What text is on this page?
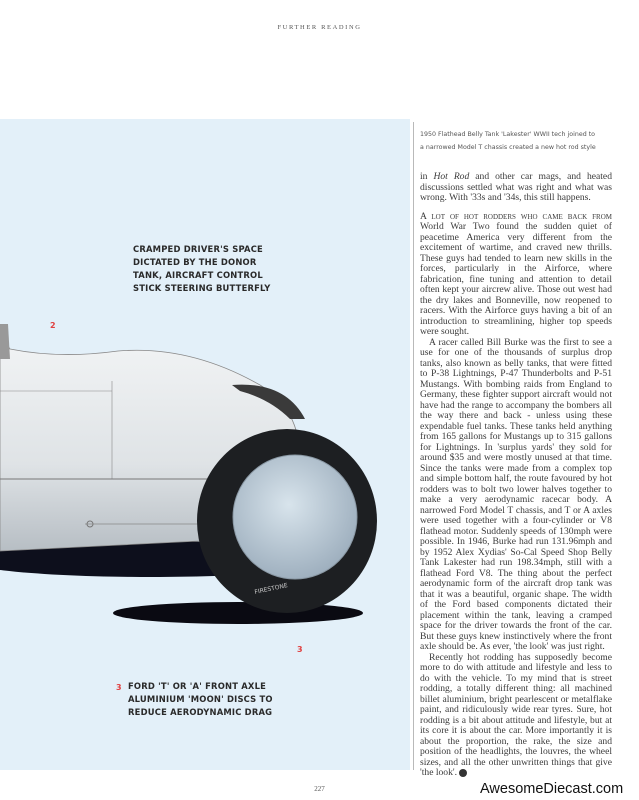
FURTHER READING
FIRESTONE
CRAMPED DRIVER'S SPACE
DICTATED BY THE DONOR
TANK, AIRCRAFT CONTROL
STICK STEERING BUTTERFLY
2
3
3 FORD 'T' OR 'A' FRONT AXLE
ALUMINIUM 'MOON' DISCS TO
REDUCE AERODYNAMIC DRAG
1950 Flathead Belly Tank 'Lakester' WWII tech joined to
a narrowed Model T chassis created a new hot rod style

in Hot Rod and other car mags, and heated discussions settled what was right and what was wrong. With '33s and '34s, this still happens.

A lot of hot rodders who came back from World War Two found the sudden quiet of peacetime America very different from the excitement of wartime, and craved new thrills. These guys had tended to learn new skills in the forces, particularly in the Airforce, where fabrication, fine tuning and attention to detail often kept your aircrew alive. Those out west had the dry lakes and Bonneville, now reopened to racers. With the Airforce guys having a bit of an introduction to streamlining, higher top speeds were sought.

A racer called Bill Burke was the first to see a use for one of the thousands of surplus drop tanks, also known as belly tanks, that were fitted to P-38 Lightnings, P-47 Thunderbolts and P-51 Mustangs. With bombing raids from England to Germany, these fighter support aircraft would not have had the range to accompany the bombers all the way there and back - unless using these expendable fuel tanks. These tanks held anything from 165 gallons for Mustangs up to 315 gallons for Lightnings. In 'surplus yards' they sold for around $35 and were mostly unused at that time. Since the tanks were made from a complex top and simple bottom half, the route favoured by hot rodders was to bolt two lower halves together to make a very aerodynamic racecar body. A narrowed Ford Model T chassis, and T or A axles were used together with a four-cylinder or V8 flathead motor. Suddenly speeds of 130mph were possible. In 1946, Burke had run 131.96mph and by 1952 Alex Xydias' So-Cal Speed Shop Belly Tank Lakester had run 198.34mph, still with a flathead Ford V8. The thing about the perfect aerodynamic form of the aircraft drop tank was that it was a beautiful, organic shape. The width of the Ford based components dictated their placement within the tank, leaving a cramped space for the driver towards the front of the car. But these guys knew instinctively where the front axle should be. As ever, 'the look' was just right.

Recently hot rodding has supposedly become more to do with attitude and lifestyle and less to do with the vehicle. To my mind that is street rodding, a totally different thing: all machined billet aluminium, bright pearlescent or metalflake paint, and ridiculously wide rear tyres. Sure, hot rodding is a bit about attitude and lifestyle, but at its core it is about the car. More importantly it is about the proportion, the rake, the size and position of the headlights, the louvres, the wheel sizes, and all the other unwritten things that give 'the look'.

AwesomeDiecast.com
227
